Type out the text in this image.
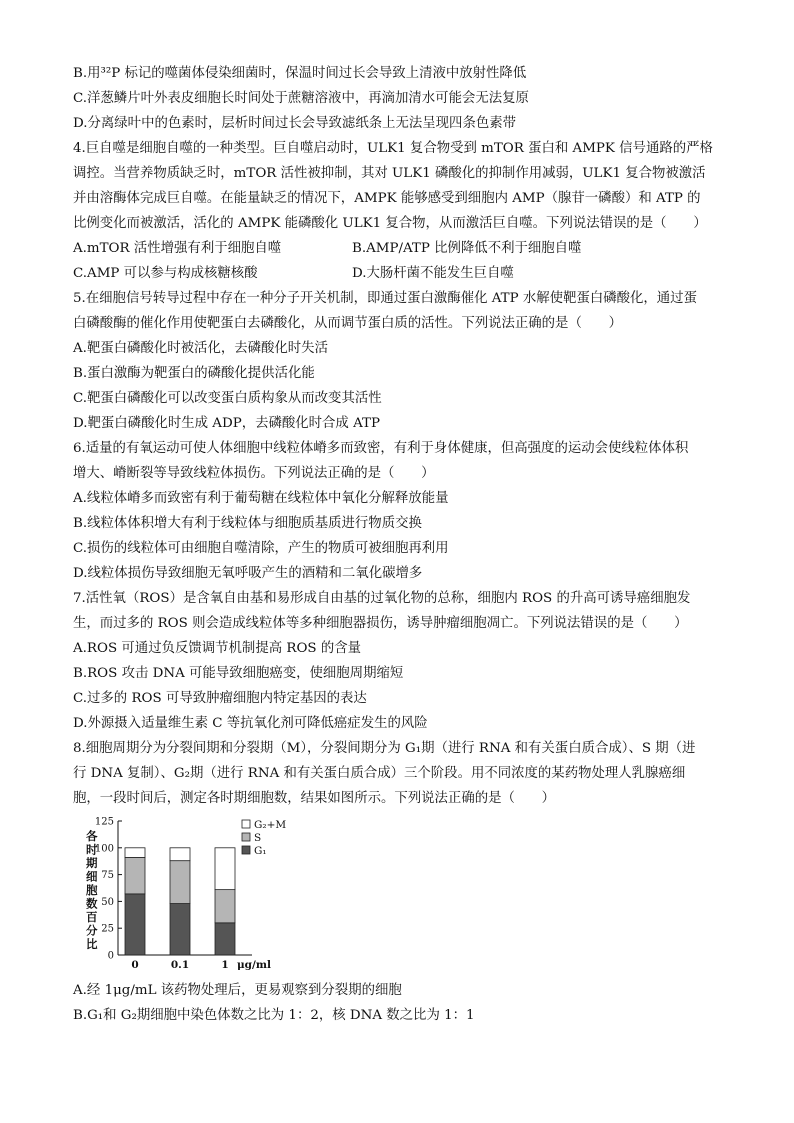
B.用³²P 标记的噬菌体侵染细菌时，保温时间过长会导致上清液中放射性降低
C.洋葱鳞片叶外表皮细胞长时间处于蔗糖溶液中，再滴加清水可能会无法复原
D.分离绿叶中的色素时，层析时间过长会导致滤纸条上无法呈现四条色素带
4.巨自噬是细胞自噬的一种类型。巨自噬启动时，ULK1 复合物受到 mTOR 蛋白和 AMPK 信号通路的严格
调控。当营养物质缺乏时，mTOR 活性被抑制，其对 ULK1 磷酸化的抑制作用减弱，ULK1 复合物被激活
并由溶酶体完成巨自噬。在能量缺乏的情况下，AMPK 能够感受到细胞内 AMP（腺苷一磷酸）和 ATP 的
比例变化而被激活，活化的 AMPK 能磷酸化 ULK1 复合物，从而激活巨自噬。下列说法错误的是（　　）
A.mTOR 活性增强有利于细胞自噬	B.AMP/ATP 比例降低不利于细胞自噬
C.AMP 可以参与构成核糖核酸	D.大肠杆菌不能发生巨自噬
5.在细胞信号转导过程中存在一种分子开关机制，即通过蛋白激酶催化 ATP 水解使靶蛋白磷酸化，通过蛋
白磷酸酶的催化作用使靶蛋白去磷酸化，从而调节蛋白质的活性。下列说法正确的是（　　）
A.靶蛋白磷酸化时被活化，去磷酸化时失活
B.蛋白激酶为靶蛋白的磷酸化提供活化能
C.靶蛋白磷酸化可以改变蛋白质构象从而改变其活性
D.靶蛋白磷酸化时生成 ADP，去磷酸化时合成 ATP
6.适量的有氧运动可使人体细胞中线粒体嵴多而致密，有利于身体健康，但高强度的运动会使线粒体体积
增大、嵴断裂等导致线粒体损伤。下列说法正确的是（　　）
A.线粒体嵴多而致密有利于葡萄糖在线粒体中氧化分解释放能量
B.线粒体体积增大有利于线粒体与细胞质基质进行物质交换
C.损伤的线粒体可由细胞自噬清除，产生的物质可被细胞再利用
D.线粒体损伤导致细胞无氧呼吸产生的酒精和二氧化碳增多
7.活性氧（ROS）是含氧自由基和易形成自由基的过氧化物的总称，细胞内 ROS 的升高可诱导癌细胞发
生，而过多的 ROS 则会造成线粒体等多种细胞器损伤，诱导肿瘤细胞凋亡。下列说法错误的是（　　）
A.ROS 可通过负反馈调节机制提高 ROS 的含量
B.ROS 攻击 DNA 可能导致细胞癌变，使细胞周期缩短
C.过多的 ROS 可导致肿瘤细胞内特定基因的表达
D.外源摄入适量维生素 C 等抗氧化剂可降低癌症发生的风险
8.细胞周期分为分裂间期和分裂期（M），分裂间期分为 G₁期（进行 RNA 和有关蛋白质合成）、S 期（进
行 DNA 复制）、G₂期（进行 RNA 和有关蛋白质合成）三个阶段。用不同浓度的某药物处理人乳腺癌细
胞，一段时间后，测定各时期细胞数，结果如图所示。下列说法正确的是（　　）
各时期细胞数百分比
0
25
50
75
100
125
0	0.1	1 μg/ml
G₂+M
S
G₁
A.经 1μg/mL 该药物处理后，更易观察到分裂期的细胞
B.G₁和 G₂期细胞中染色体数之比为 1：2，核 DNA 数之比为 1：1
